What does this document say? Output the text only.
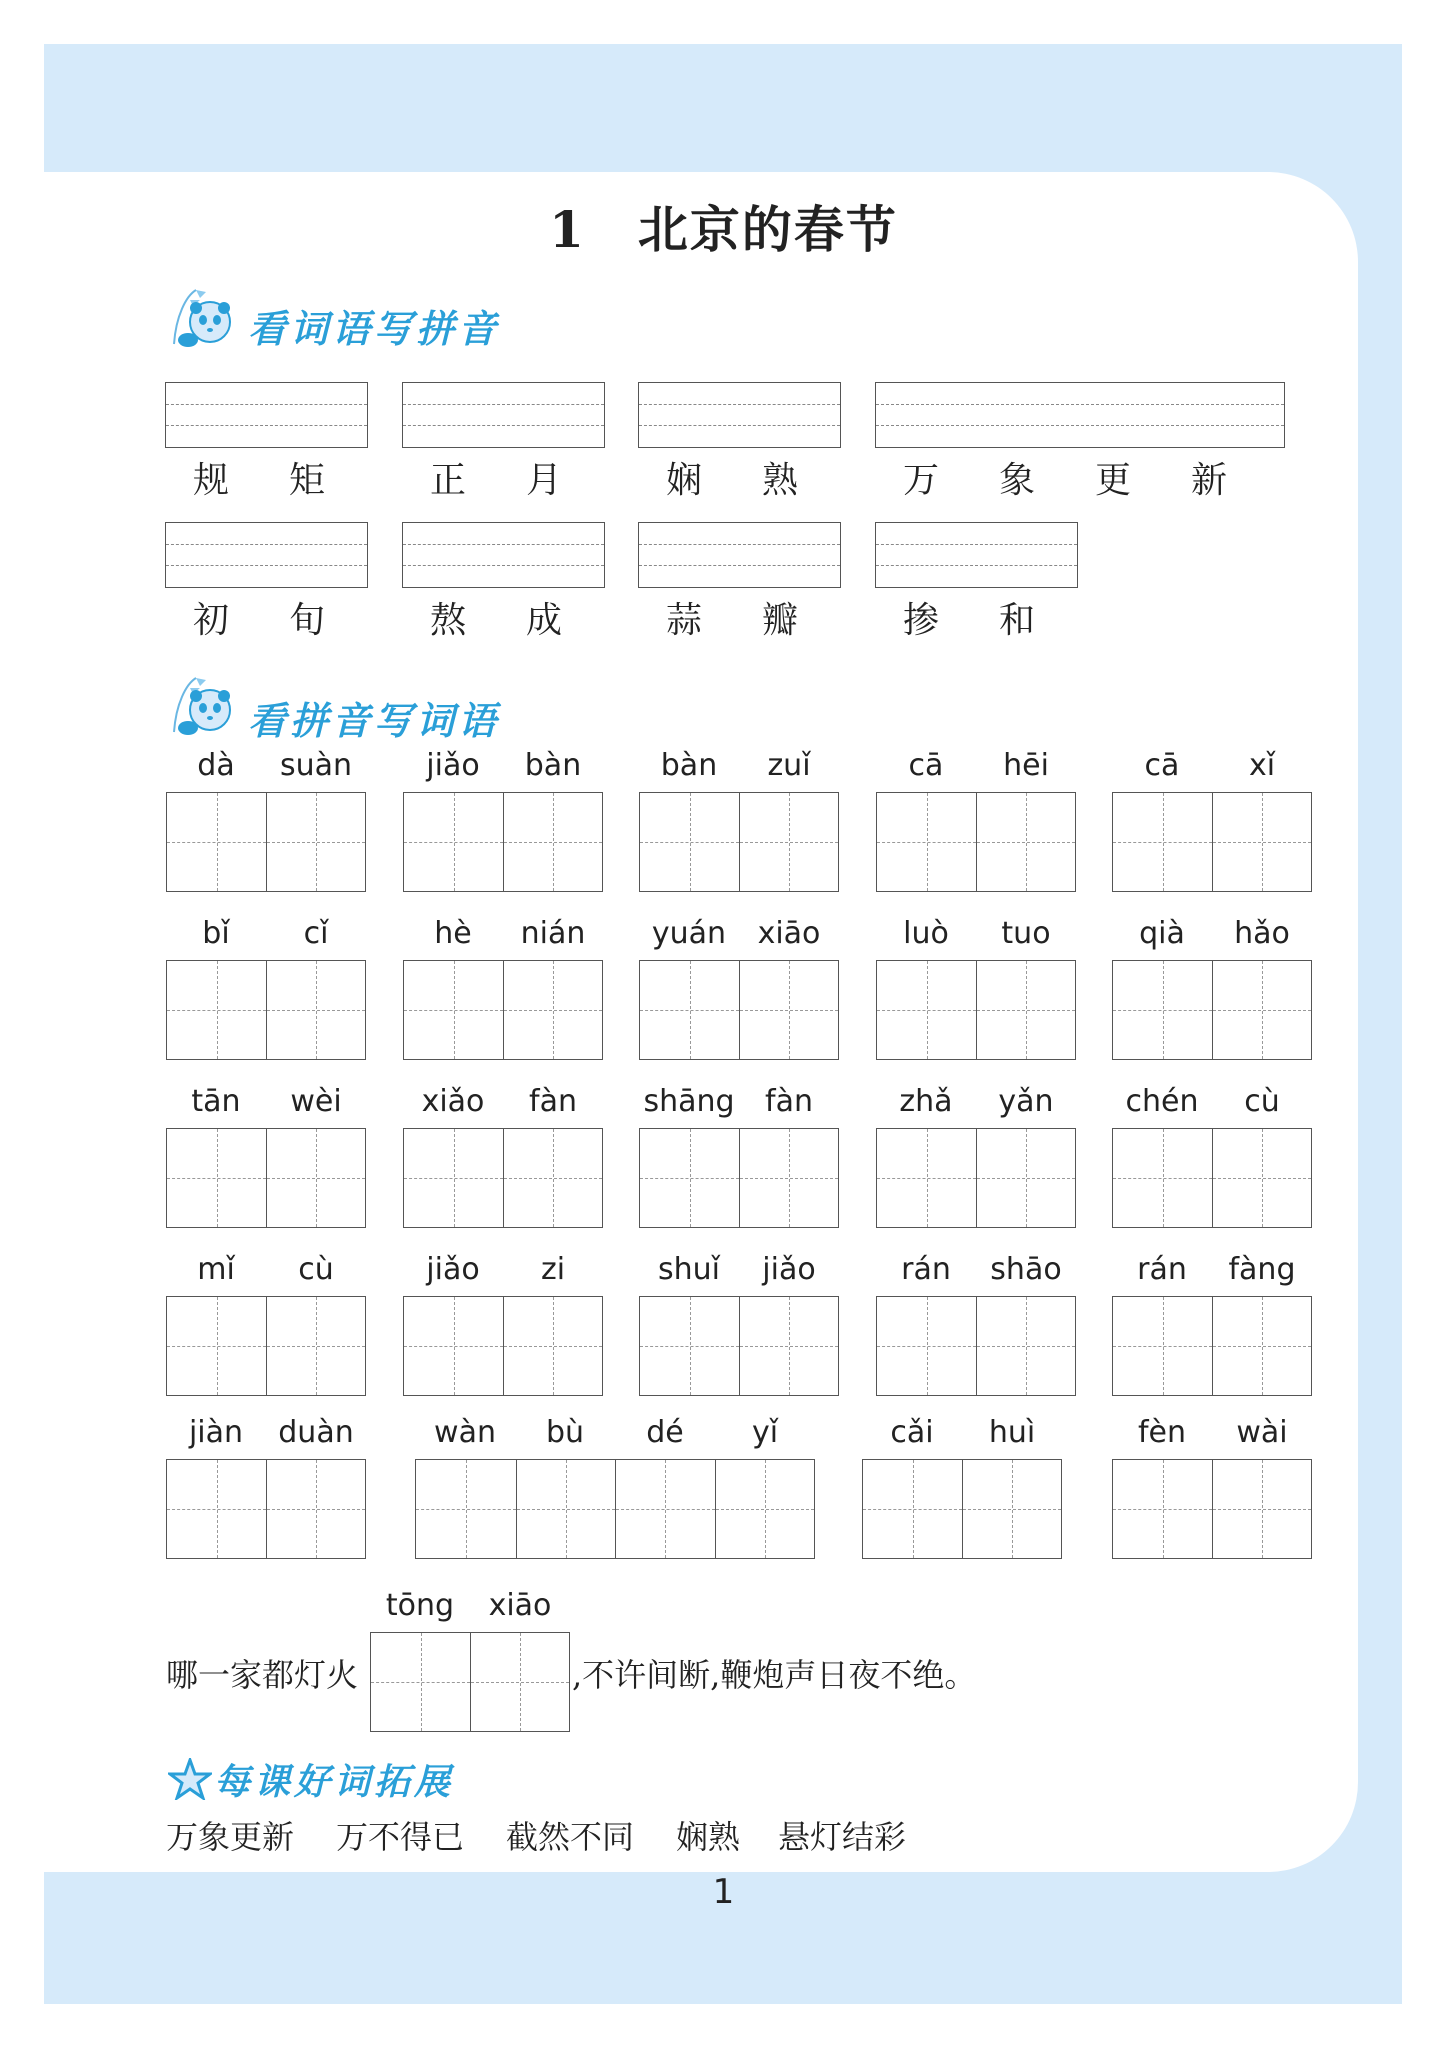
1　北京的春节
看词语写拼音
规 矩	正 月	娴 熟	万 象 更 新
初 旬	熬 成	蒜 瓣	掺 和
看拼音写词语
dà	suàn	jiǎo	bàn	bàn	zuǐ	cā	hēi	cā	xǐ
bǐ	cǐ	hè	nián	yuán	xiāo	luò	tuo	qià	hǎo
tān	wèi	xiǎo	fàn	shāng	fàn	zhǎ	yǎn	chén	cù
mǐ	cù	jiǎo	zi	shuǐ	jiǎo	rán	shāo	rán	fàng
jiàn	duàn	wàn	bù	dé	yǐ	cǎi	huì	fèn	wài
哪一家都灯火
tōng	xiāo
,不许间断,鞭炮声日夜不绝。
每课好词拓展
万象更新 万不得已 截然不同 娴熟 悬灯结彩
1
